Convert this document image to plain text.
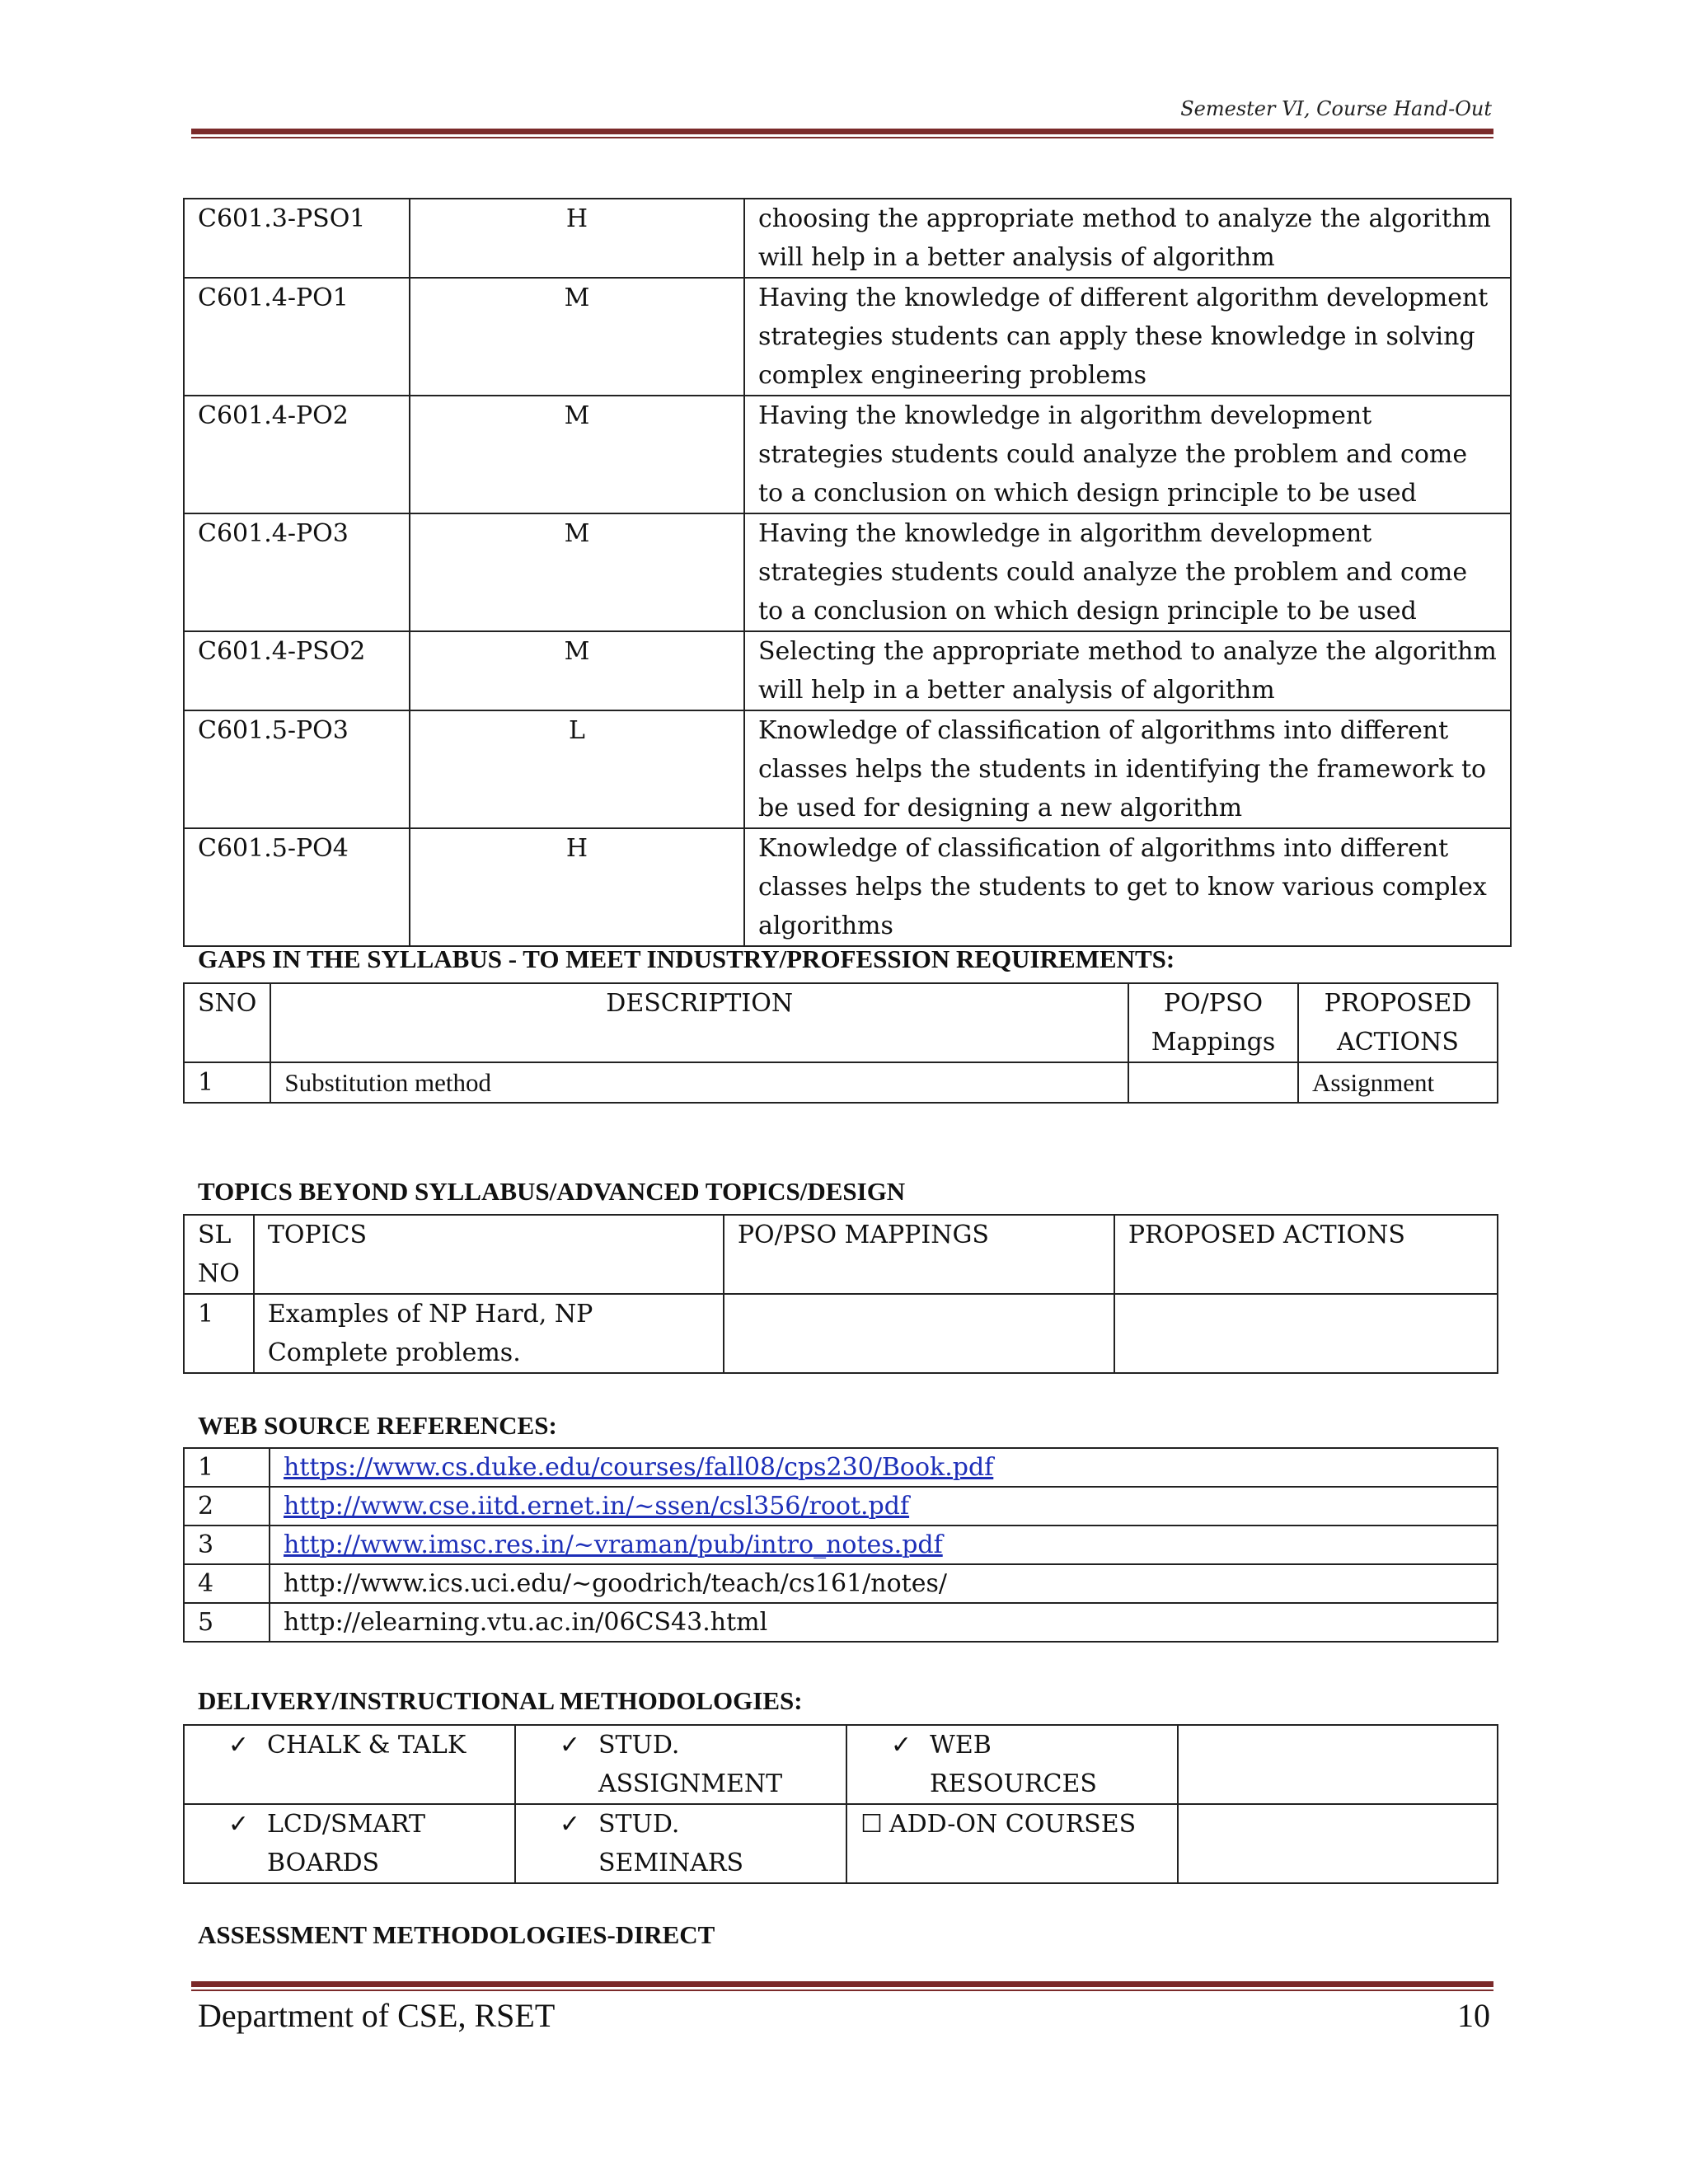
Semester VI, Course Hand-Out
C601.3-PSO1	H	choosing the appropriate method to analyze the algorithm will help in a better analysis of algorithm
C601.4-PO1	M	Having the knowledge of different algorithm development strategies students can apply these knowledge in solving complex engineering problems
C601.4-PO2	M	Having the knowledge in algorithm development strategies students could analyze the problem and come to a conclusion on which design principle to be used
C601.4-PO3	M	Having the knowledge in algorithm development strategies students could analyze the problem and come to a conclusion on which design principle to be used
C601.4-PSO2	M	Selecting the appropriate method to analyze the algorithm will help in a better analysis of algorithm
C601.5-PO3	L	Knowledge of classification of algorithms into different classes helps the students in identifying the framework to be used for designing a new algorithm
C601.5-PO4	H	Knowledge of classification of algorithms into different classes helps the students to get to know various complex algorithms
GAPS IN THE SYLLABUS - TO MEET INDUSTRY/PROFESSION REQUIREMENTS:
SNO	DESCRIPTION	PO/PSO Mappings	PROPOSED ACTIONS
1	Substitution method		Assignment
TOPICS BEYOND SYLLABUS/ADVANCED TOPICS/DESIGN
SL NO	TOPICS	PO/PSO MAPPINGS	PROPOSED ACTIONS
1	Examples of NP Hard, NP Complete problems.		
WEB SOURCE REFERENCES:
1	https://www.cs.duke.edu/courses/fall08/cps230/Book.pdf
2	http://www.cse.iitd.ernet.in/~ssen/csl356/root.pdf
3	http://www.imsc.res.in/~vraman/pub/intro_notes.pdf
4	http://www.ics.uci.edu/~goodrich/teach/cs161/notes/
5	http://elearning.vtu.ac.in/06CS43.html
DELIVERY/INSTRUCTIONAL METHODOLOGIES:
✓ CHALK & TALK	✓ STUD. ASSIGNMENT	✓ WEB RESOURCES	

✓ LCD/SMART BOARDS	✓ STUD. SEMINARS	☐ ADD-ON COURSES	

ASSESSMENT METHODOLOGIES-DIRECT
Department of CSE, RSET	10
